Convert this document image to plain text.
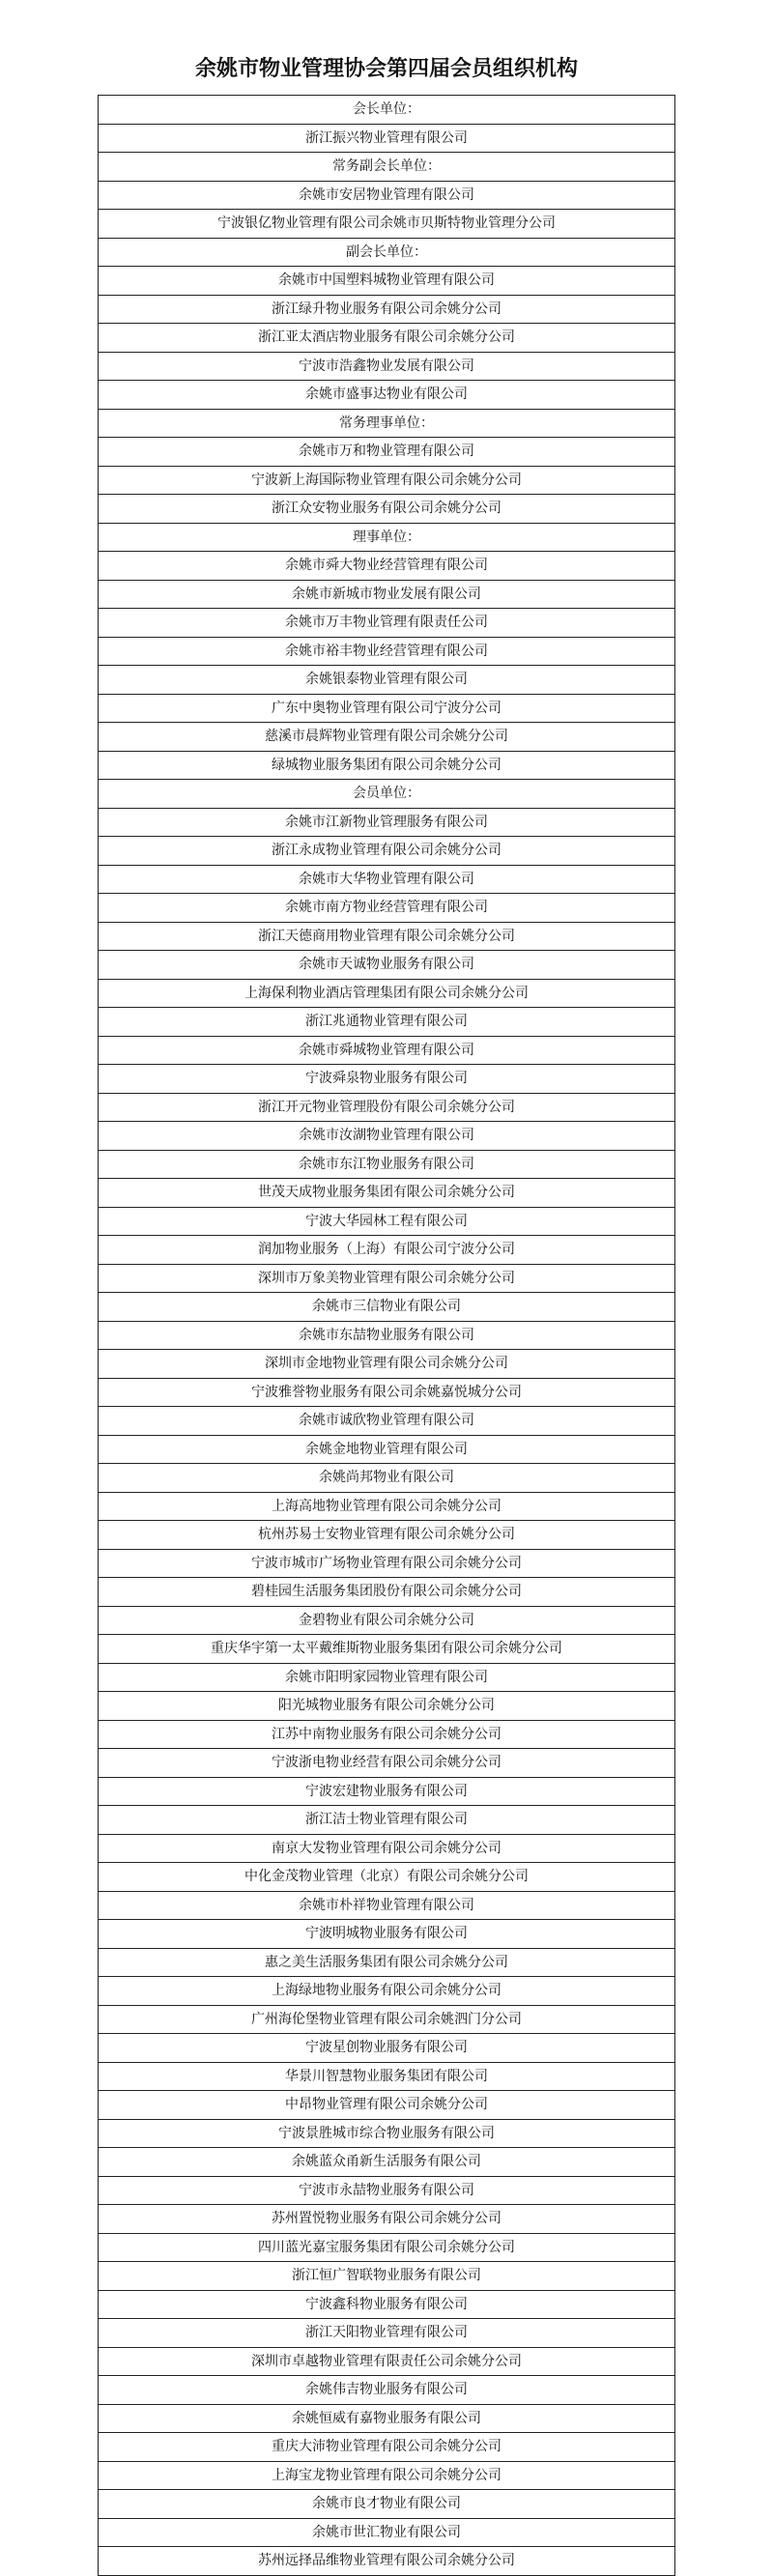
余姚市物业管理协会第四届会员组织机构
会长单位：
浙江振兴物业管理有限公司
常务副会长单位：
余姚市安居物业管理有限公司
宁波银亿物业管理有限公司余姚市贝斯特物业管理分公司
副会长单位：
余姚市中国塑料城物业管理有限公司
浙江绿升物业服务有限公司余姚分公司
浙江亚太酒店物业服务有限公司余姚分公司
宁波市浩鑫物业发展有限公司
余姚市盛事达物业有限公司
常务理事单位：
余姚市万和物业管理有限公司
宁波新上海国际物业管理有限公司余姚分公司
浙江众安物业服务有限公司余姚分公司
理事单位：
余姚市舜大物业经营管理有限公司
余姚市新城市物业发展有限公司
余姚市万丰物业管理有限责任公司
余姚市裕丰物业经营管理有限公司
余姚银泰物业管理有限公司
广东中奥物业管理有限公司宁波分公司
慈溪市晨辉物业管理有限公司余姚分公司
绿城物业服务集团有限公司余姚分公司
会员单位：
余姚市江新物业管理服务有限公司
浙江永成物业管理有限公司余姚分公司
余姚市大华物业管理有限公司
余姚市南方物业经营管理有限公司
浙江天德商用物业管理有限公司余姚分公司
余姚市天诚物业服务有限公司
上海保利物业酒店管理集团有限公司余姚分公司
浙江兆通物业管理有限公司
余姚市舜城物业管理有限公司
宁波舜泉物业服务有限公司
浙江开元物业管理股份有限公司余姚分公司
余姚市汝湖物业管理有限公司
余姚市东江物业服务有限公司
世茂天成物业服务集团有限公司余姚分公司
宁波大华园林工程有限公司
润加物业服务（上海）有限公司宁波分公司
深圳市万象美物业管理有限公司余姚分公司
余姚市三信物业有限公司
余姚市东喆物业服务有限公司
深圳市金地物业管理有限公司余姚分公司
宁波雅誉物业服务有限公司余姚嘉悦城分公司
余姚市诚欣物业管理有限公司
余姚金地物业管理有限公司
余姚尚邦物业有限公司
上海高地物业管理有限公司余姚分公司
杭州苏易士安物业管理有限公司余姚分公司
宁波市城市广场物业管理有限公司余姚分公司
碧桂园生活服务集团股份有限公司余姚分公司
金碧物业有限公司余姚分公司
重庆华宇第一太平戴维斯物业服务集团有限公司余姚分公司
余姚市阳明家园物业管理有限公司
阳光城物业服务有限公司余姚分公司
江苏中南物业服务有限公司余姚分公司
宁波浙电物业经营有限公司余姚分公司
宁波宏建物业服务有限公司
浙江洁士物业管理有限公司
南京大发物业管理有限公司余姚分公司
中化金茂物业管理（北京）有限公司余姚分公司
余姚市朴祥物业管理有限公司
宁波明城物业服务有限公司
惠之美生活服务集团有限公司余姚分公司
上海绿地物业服务有限公司余姚分公司
广州海伦堡物业管理有限公司余姚泗门分公司
宁波星创物业服务有限公司
华景川智慧物业服务集团有限公司
中昂物业管理有限公司余姚分公司
宁波景胜城市综合物业服务有限公司
余姚蓝众甬新生活服务有限公司
宁波市永喆物业服务有限公司
苏州置悦物业服务有限公司余姚分公司
四川蓝光嘉宝服务集团有限公司余姚分公司
浙江恒广智联物业服务有限公司
宁波鑫科物业服务有限公司
浙江天阳物业管理有限公司
深圳市卓越物业管理有限责任公司余姚分公司
余姚伟吉物业服务有限公司
余姚恒威有嘉物业服务有限公司
重庆大沛物业管理有限公司余姚分公司
上海宝龙物业管理有限公司余姚分公司
余姚市良才物业有限公司
余姚市世汇物业有限公司
苏州远择品维物业管理有限公司余姚分公司
